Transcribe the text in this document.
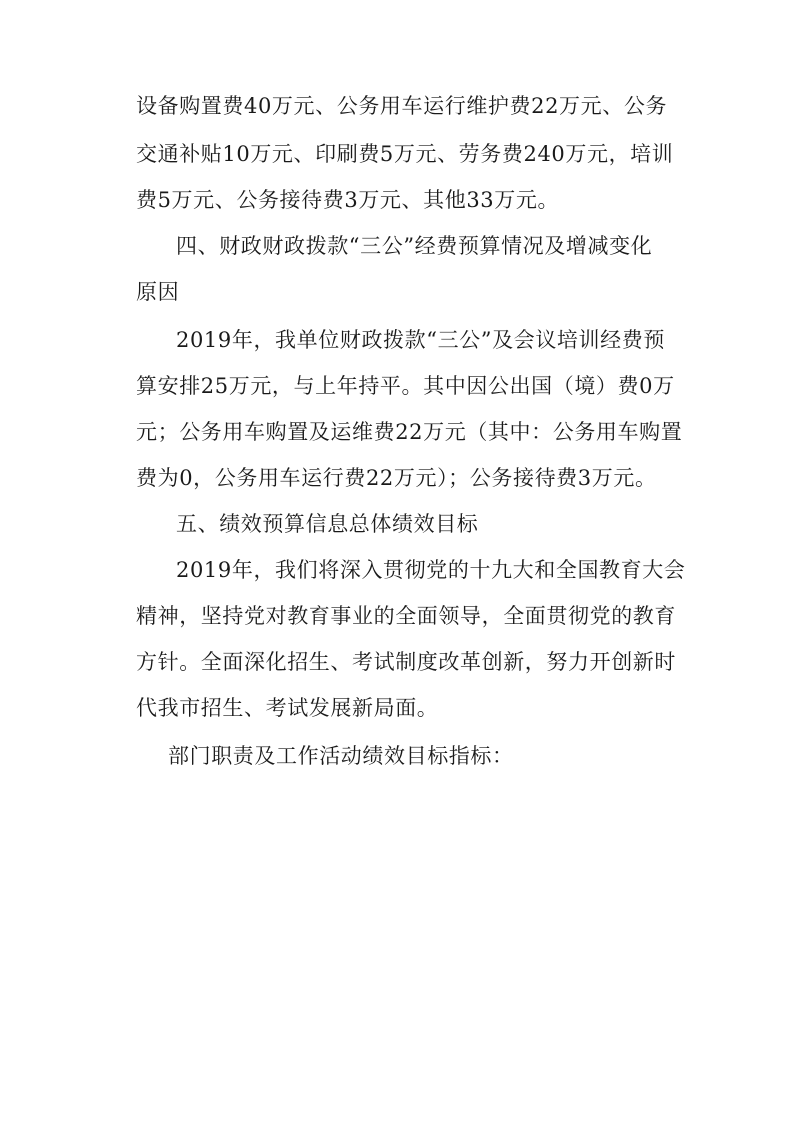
设备购置费40万元、公务用车运行维护费22万元、公务
交通补贴10万元、印刷费5万元、劳务费240万元，培训
费5万元、公务接待费3万元、其他33万元。
四、财政财政拨款“三公”经费预算情况及增减变化
原因
2019年，我单位财政拨款“三公”及会议培训经费预
算安排25万元，与上年持平。其中因公出国（境）费0万
元；公务用车购置及运维费22万元（其中：公务用车购置
费为0，公务用车运行费22万元）；公务接待费3万元。
五、绩效预算信息总体绩效目标
2019年，我们将深入贯彻党的十九大和全国教育大会
精神，坚持党对教育事业的全面领导，全面贯彻党的教育
方针。全面深化招生、考试制度改革创新，努力开创新时
代我市招生、考试发展新局面。
部门职责及工作活动绩效目标指标：
